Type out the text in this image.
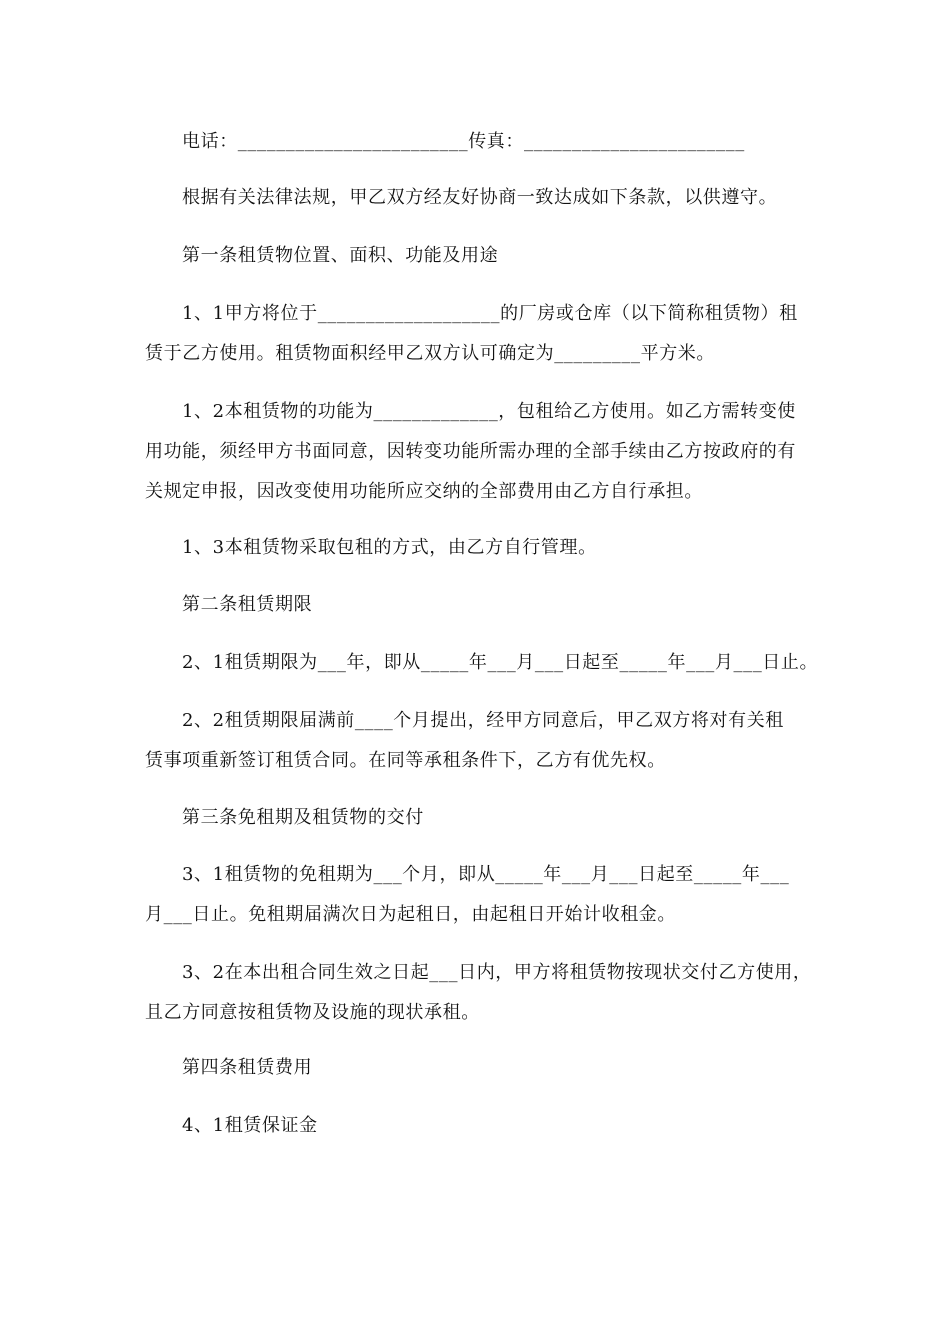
电话：________________________传真：_______________________
根据有关法律法规，甲乙双方经友好协商一致达成如下条款，以供遵守。
第一条租赁物位置、面积、功能及用途
1、1甲方将位于___________________的厂房或仓库（以下简称租赁物）租
赁于乙方使用。租赁物面积经甲乙双方认可确定为_________平方米。
1、2本租赁物的功能为_____________，包租给乙方使用。如乙方需转变使
用功能，须经甲方书面同意，因转变功能所需办理的全部手续由乙方按政府的有
关规定申报，因改变使用功能所应交纳的全部费用由乙方自行承担。
1、3本租赁物采取包租的方式，由乙方自行管理。
第二条租赁期限
2、1租赁期限为___年，即从_____年___月___日起至_____年___月___日止。
2、2租赁期限届满前____个月提出，经甲方同意后，甲乙双方将对有关租
赁事项重新签订租赁合同。在同等承租条件下，乙方有优先权。
第三条免租期及租赁物的交付
3、1租赁物的免租期为___个月，即从_____年___月___日起至_____年___
月___日止。免租期届满次日为起租日，由起租日开始计收租金。
3、2在本出租合同生效之日起___日内，甲方将租赁物按现状交付乙方使用，
且乙方同意按租赁物及设施的现状承租。
第四条租赁费用
4、1租赁保证金
